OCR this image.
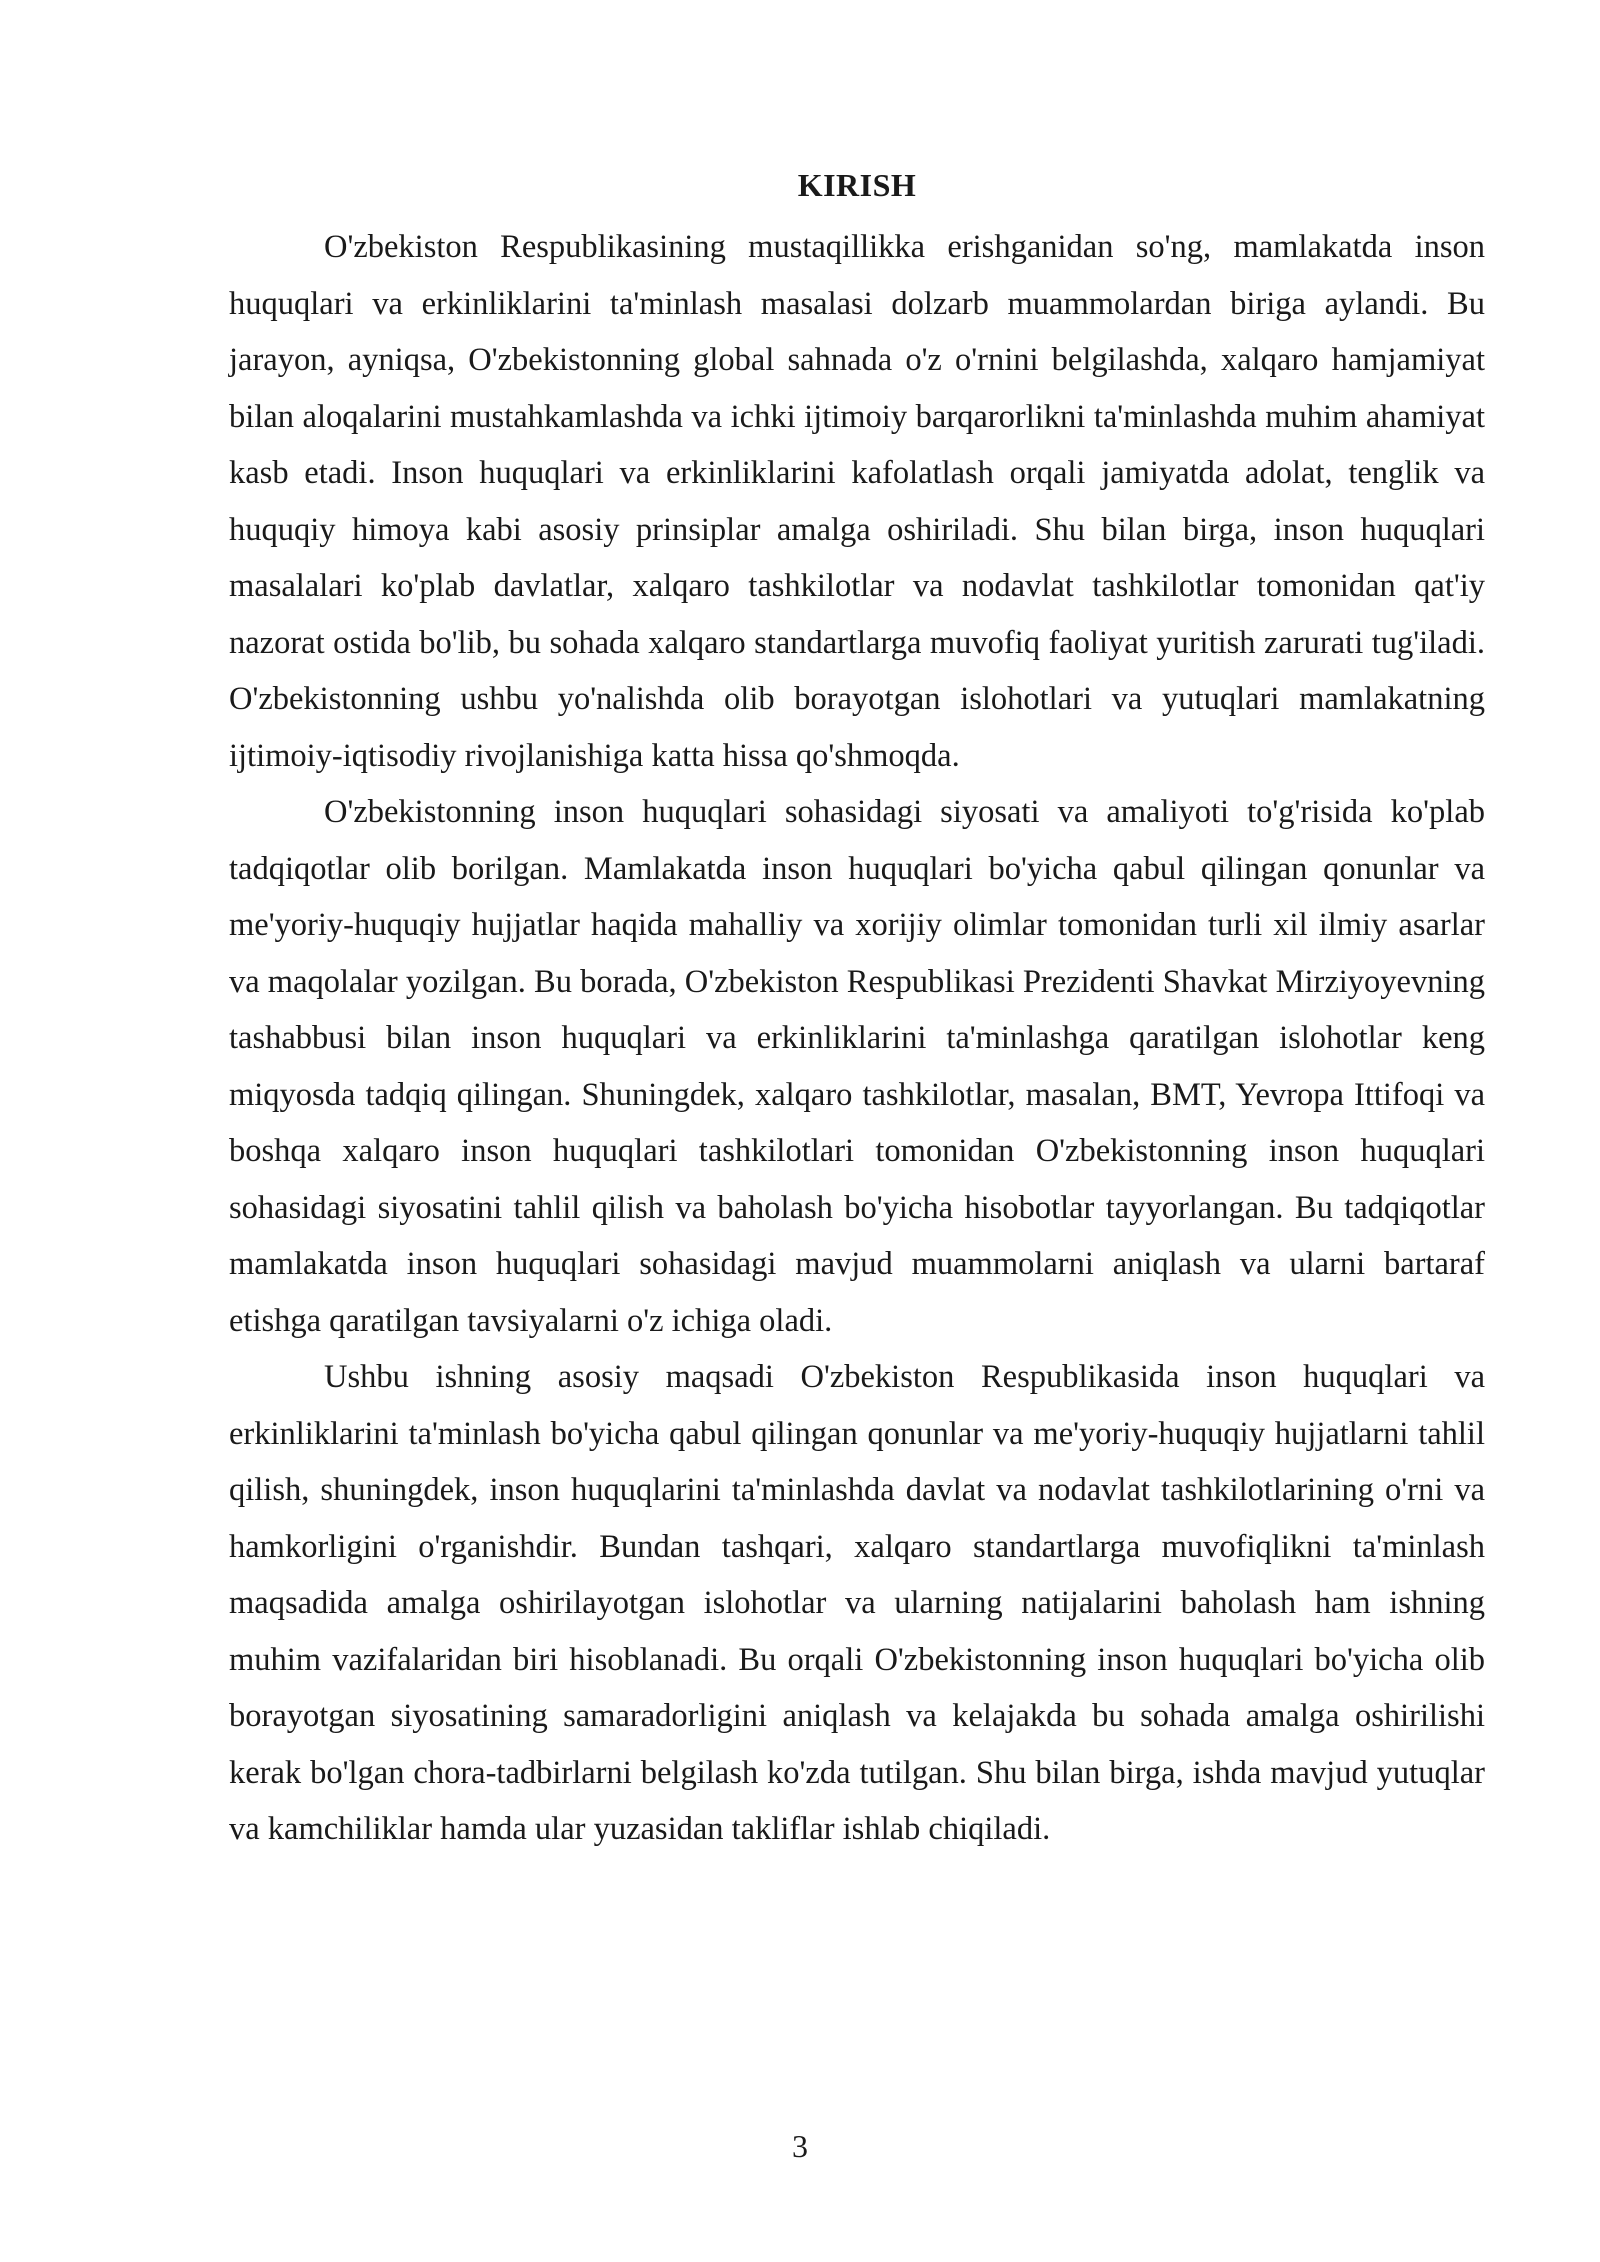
KIRISH

O'zbekiston Respublikasining mustaqillikka erishganidan so'ng, mamlakatda inson huquqlari va erkinliklarini ta'minlash masalasi dolzarb muammolardan biriga aylandi. Bu jarayon, ayniqsa, O'zbekistonning global sahnada o'z o'rnini belgilashda, xalqaro hamjamiyat bilan aloqalarini mustahkamlashda va ichki ijtimoiy barqarorlikni ta'minlashda muhim ahamiyat kasb etadi. Inson huquqlari va erkinliklarini kafolatlash orqali jamiyatda adolat, tenglik va huquqiy himoya kabi asosiy prinsiplar amalga oshiriladi. Shu bilan birga, inson huquqlari masalalari ko'plab davlatlar, xalqaro tashkilotlar va nodavlat tashkilotlar tomonidan qat'iy nazorat ostida bo'lib, bu sohada xalqaro standartlarga muvofiq faoliyat yuritish zarurati tug'iladi. O'zbekistonning ushbu yo'nalishda olib borayotgan islohotlari va yutuqlari mamlakatning ijtimoiy-iqtisodiy rivojlanishiga katta hissa qo'shmoqda.

O'zbekistonning inson huquqlari sohasidagi siyosati va amaliyoti to'g'risida ko'plab tadqiqotlar olib borilgan. Mamlakatda inson huquqlari bo'yicha qabul qilingan qonunlar va me'yoriy-huquqiy hujjatlar haqida mahalliy va xorijiy olimlar tomonidan turli xil ilmiy asarlar va maqolalar yozilgan. Bu borada, O'zbekiston Respublikasi Prezidenti Shavkat Mirziyoyevning tashabbusi bilan inson huquqlari va erkinliklarini ta'minlashga qaratilgan islohotlar keng miqyosda tadqiq qilingan. Shuningdek, xalqaro tashkilotlar, masalan, BMT, Yevropa Ittifoqi va boshqa xalqaro inson huquqlari tashkilotlari tomonidan O'zbekistonning inson huquqlari sohasidagi siyosatini tahlil qilish va baholash bo'yicha hisobotlar tayyorlangan. Bu tadqiqotlar mamlakatda inson huquqlari sohasidagi mavjud muammolarni aniqlash va ularni bartaraf etishga qaratilgan tavsiyalarni o'z ichiga oladi.

Ushbu ishning asosiy maqsadi O'zbekiston Respublikasida inson huquqlari va erkinliklarini ta'minlash bo'yicha qabul qilingan qonunlar va me'yoriy-huquqiy hujjatlarni tahlil qilish, shuningdek, inson huquqlarini ta'minlashda davlat va nodavlat tashkilotlarining o'rni va hamkorligini o'rganishdir. Bundan tashqari, xalqaro standartlarga muvofiqlikni ta'minlash maqsadida amalga oshirilayotgan islohotlar va ularning natijalarini baholash ham ishning muhim vazifalaridan biri hisoblanadi. Bu orqali O'zbekistonning inson huquqlari bo'yicha olib borayotgan siyosatining samaradorligini aniqlash va kelajakda bu sohada amalga oshirilishi kerak bo'lgan chora-tadbirlarni belgilash ko'zda tutilgan. Shu bilan birga, ishda mavjud yutuqlar va kamchiliklar hamda ular yuzasidan takliflar ishlab chiqiladi.

3
